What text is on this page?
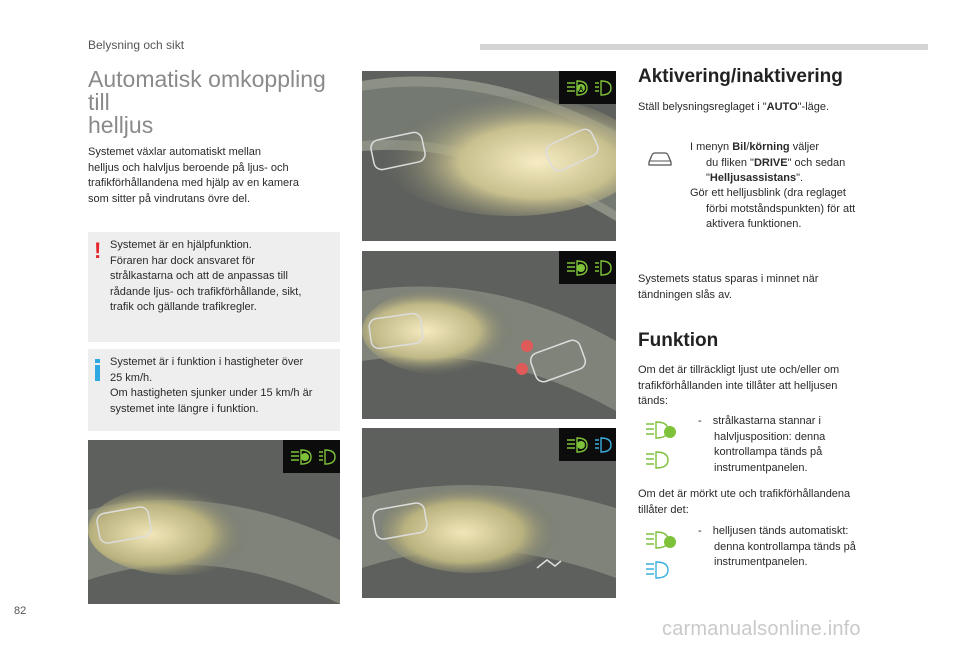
Belysning och sikt
Automatisk omkoppling till
helljus
Systemet växlar automatiskt mellan
helljus och halvljus beroende på ljus- och
trafikförhållandena med hjälp av en kamera
som sitter på vindrutans övre del.
! Systemet är en hjälpfunktion.
Föraren har dock ansvaret för
strålkastarna och att de anpassas till
rådande ljus- och trafikförhållande, sikt,
trafik och gällande trafikregler.
Systemet är i funktion i hastigheter över
25 km/h.
Om hastigheten sjunker under 15 km/h är
systemet inte längre i funktion.
A
Aktivering/inaktivering
Ställ belysningsreglaget i "AUTO"-läge.
I menyn Bil/körning väljer
du fliken "DRIVE" och sedan
"Helljusassistans".
Gör ett helljusblink (dra reglaget
förbi motståndspunkten) för att
aktivera funktionen.
Systemets status sparas i minnet när
tändningen slås av.
Funktion
Om det är tillräckligt ljust ute och/eller om
trafikförhållanden inte tillåter att helljusen
tänds:
- strålkastarna stannar i
halvljusposition: denna
kontrollampa tänds på
instrumentpanelen.
Om det är mörkt ute och trafikförhållandena
tillåter det:
- helljusen tänds automatiskt:
denna kontrollampa tänds på
instrumentpanelen.
82
carmanualsonline.info
